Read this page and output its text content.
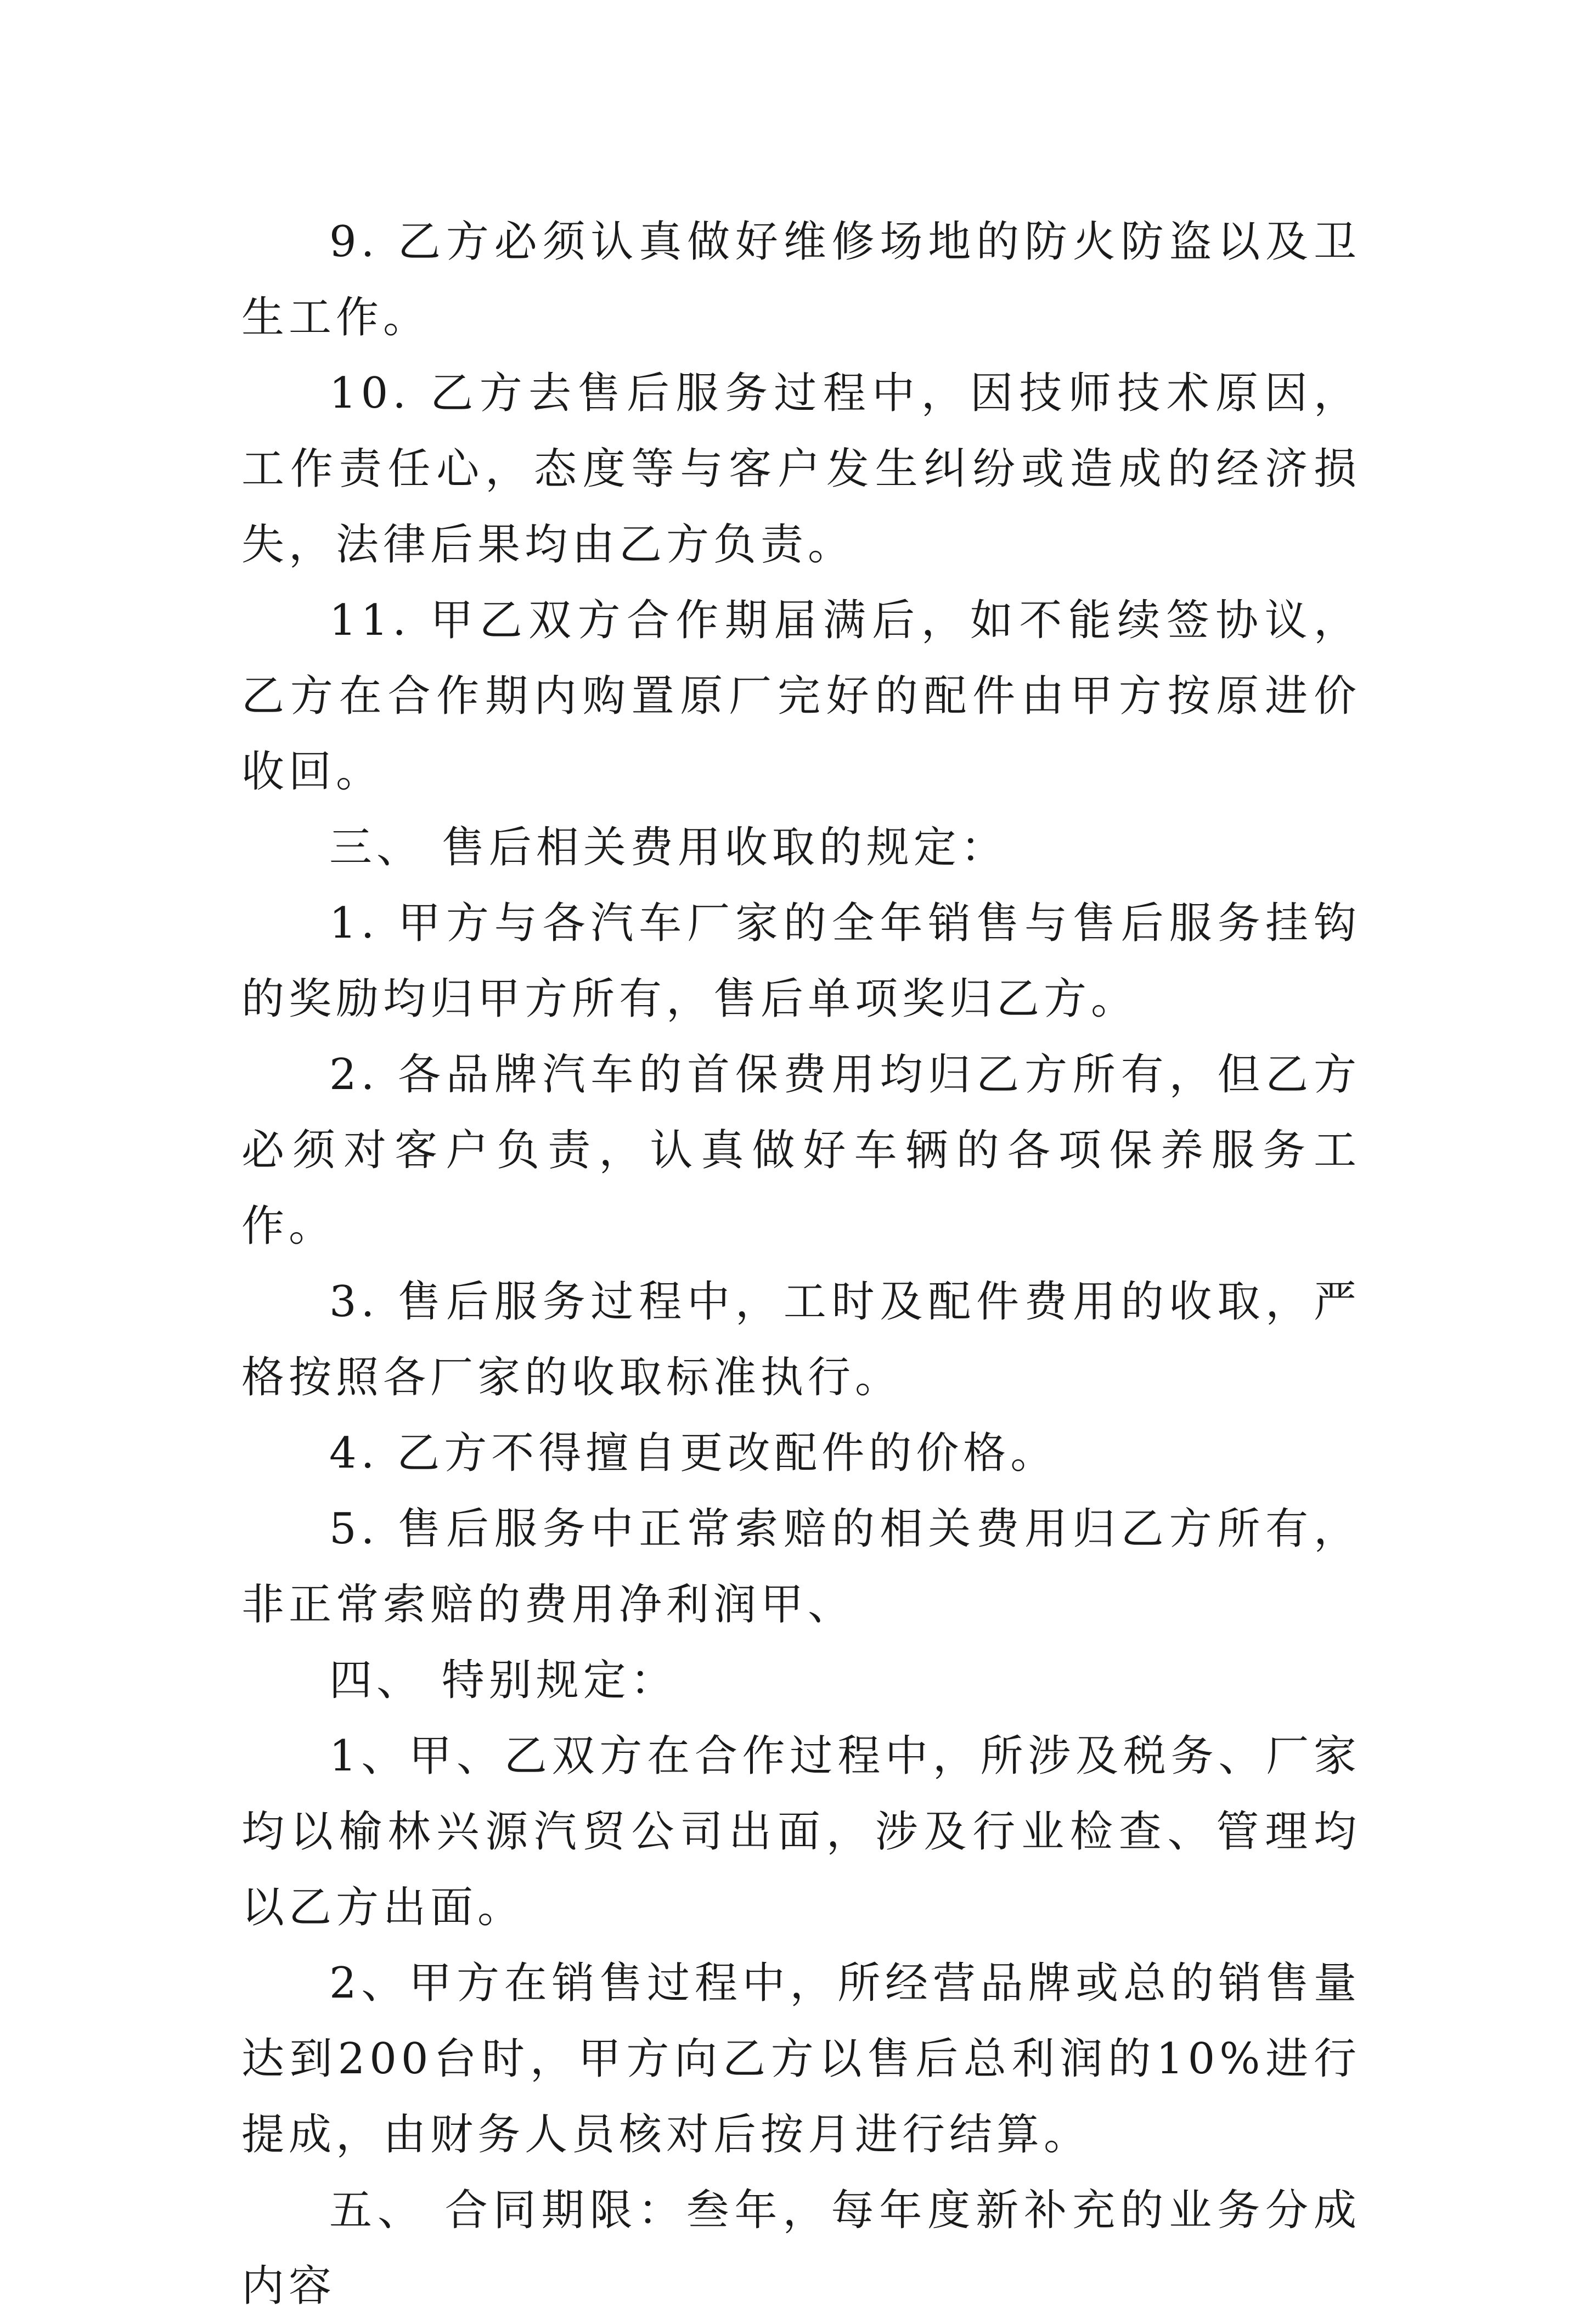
9. 乙方必须认真做好维修场地的防火防盗以及卫生工作。

10. 乙方去售后服务过程中，因技师技术原因，工作责任心，态度等与客户发生纠纷或造成的经济损失，法律后果均由乙方负责。

11. 甲乙双方合作期届满后，如不能续签协议，乙方在合作期内购置原厂完好的配件由甲方按原进价收回。

三、 售后相关费用收取的规定：

1. 甲方与各汽车厂家的全年销售与售后服务挂钩的奖励均归甲方所有，售后单项奖归乙方。

2. 各品牌汽车的首保费用均归乙方所有，但乙方必须对客户负责，认真做好车辆的各项保养服务工作。

3. 售后服务过程中，工时及配件费用的收取，严格按照各厂家的收取标准执行。

4. 乙方不得擅自更改配件的价格。

5. 售后服务中正常索赔的相关费用归乙方所有，非正常索赔的费用净利润甲、

四、 特别规定：

1、甲、乙双方在合作过程中，所涉及税务、厂家均以榆林兴源汽贸公司出面，涉及行业检查、管理均以乙方出面。

2、甲方在销售过程中，所经营品牌或总的销售量达到200台时，甲方向乙方以售后总利润的10%进行提成，由财务人员核对后按月进行结算。

五、 合同期限：叁年，每年度新补充的业务分成内容
